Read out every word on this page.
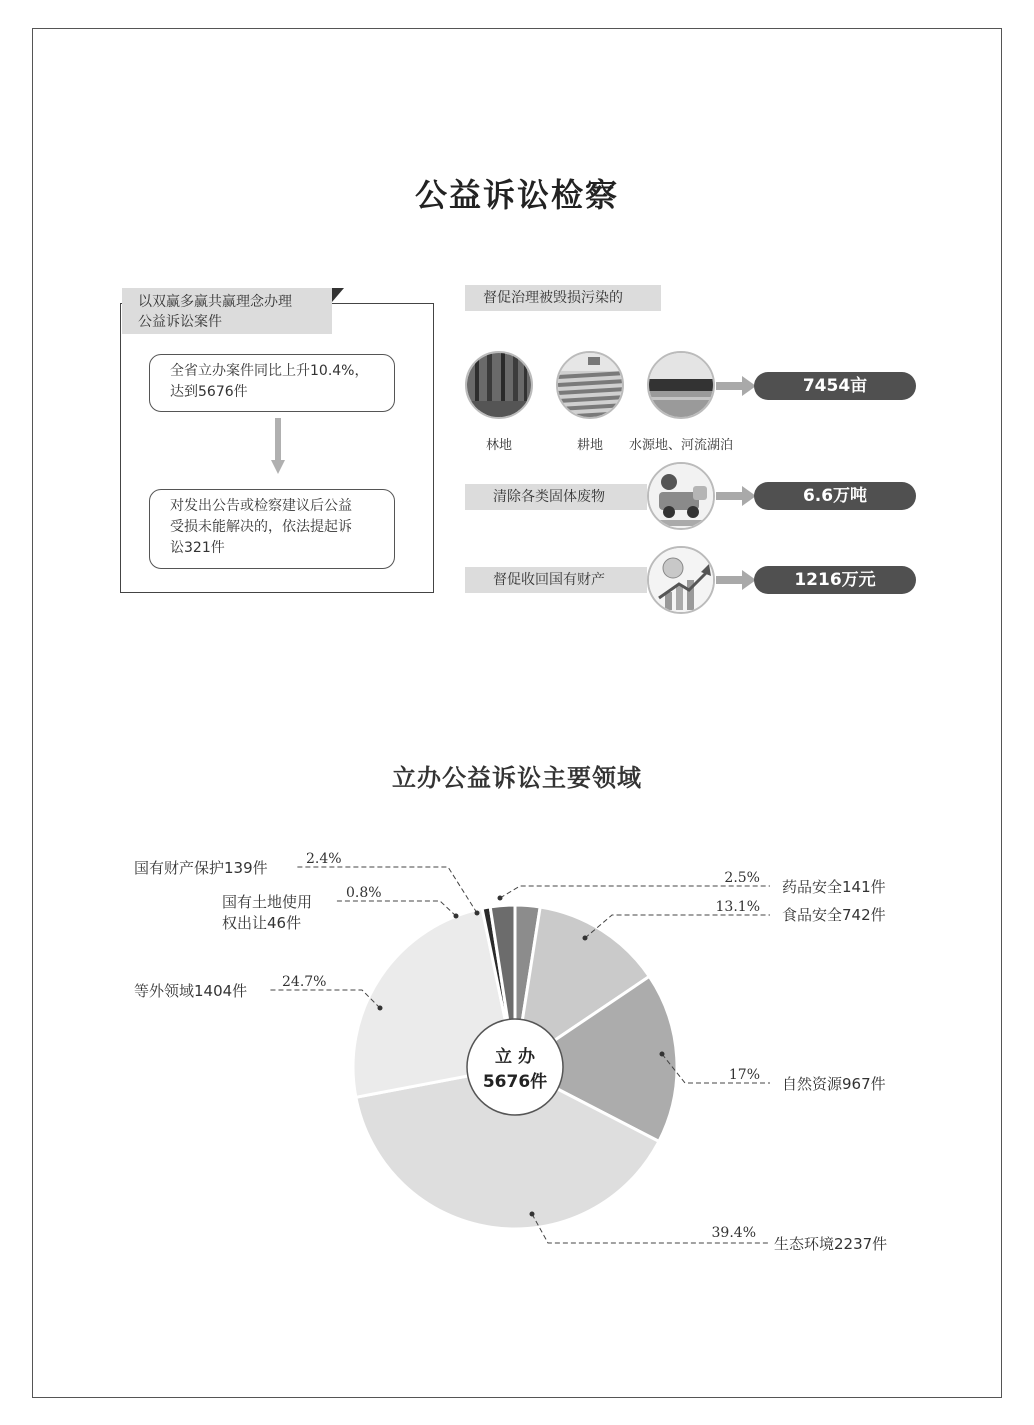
公益诉讼检察
以双赢多赢共赢理念办理
公益诉讼案件
全省立办案件同比上升10.4%，
达到5676件
对发出公告或检察建议后公益
受损未能解决的，依法提起诉
讼321件
督促治理被毁损污染的
林地	耕地	水源地、河流湖泊
7454亩
清除各类固体废物	6.6万吨
督促收回国有财产	1216万元
立办公益诉讼主要领域
立 办
5676件
2.5% 药品安全141件
13.1% 食品安全742件
17% 自然资源967件
39.4%
生态环境2237件
24.7%
等外领域1404件
0.8%
国有土地使用
权出让46件
2.4%
国有财产保护139件
